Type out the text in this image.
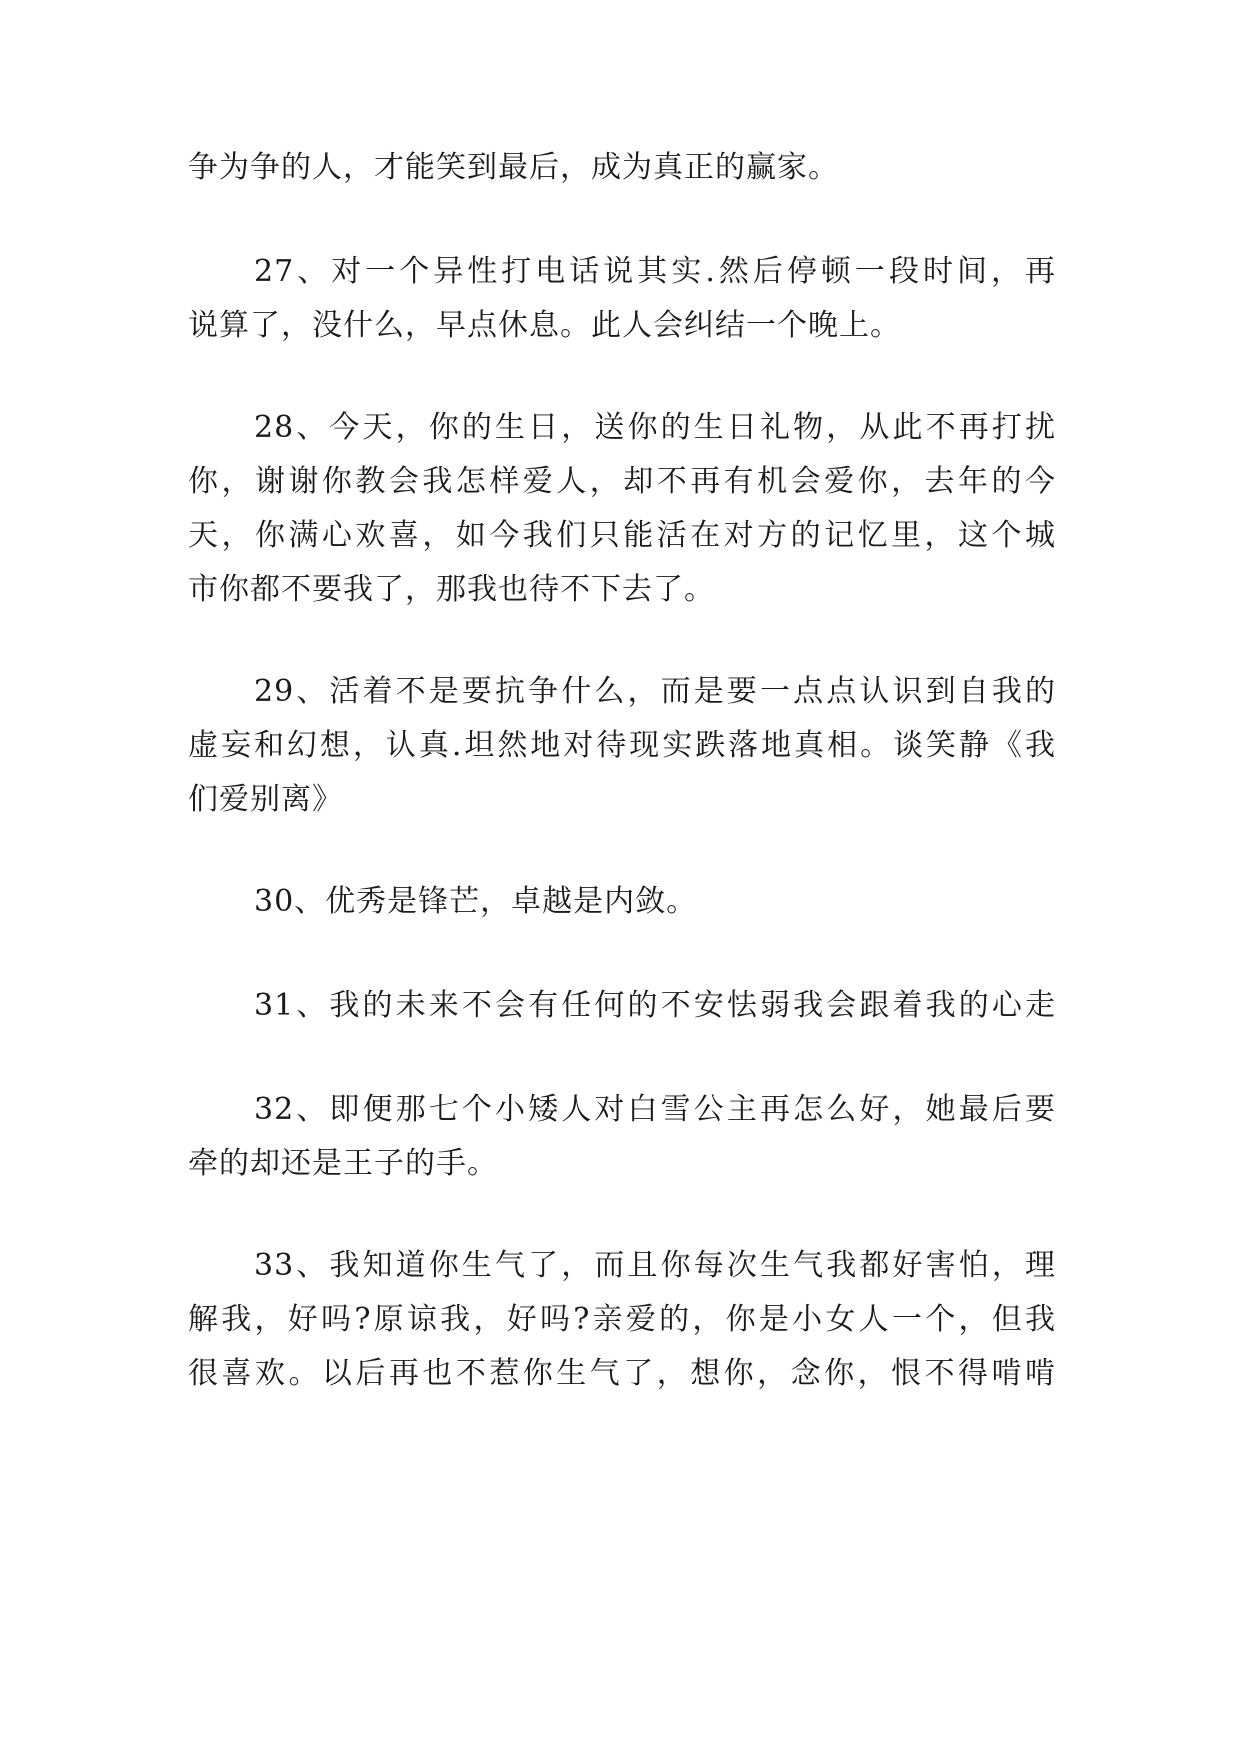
争为争的人，才能笑到最后，成为真正的赢家。
27、对一个异性打电话说其实.然后停顿一段时间，再
说算了，没什么，早点休息。此人会纠结一个晚上。
28、今天，你的生日，送你的生日礼物，从此不再打扰
你，谢谢你教会我怎样爱人，却不再有机会爱你，去年的今
天，你满心欢喜，如今我们只能活在对方的记忆里，这个城
市你都不要我了，那我也待不下去了。
29、活着不是要抗争什么，而是要一点点认识到自我的
虚妄和幻想，认真.坦然地对待现实跌落地真相。谈笑静《我
们爱别离》
30、优秀是锋芒，卓越是内敛。
31、我的未来不会有任何的不安怯弱我会跟着我的心走
32、即便那七个小矮人对白雪公主再怎么好，她最后要
牵的却还是王子的手。
33、我知道你生气了，而且你每次生气我都好害怕，理
解我，好吗?原谅我，好吗?亲爱的，你是小女人一个，但我
很喜欢。以后再也不惹你生气了，想你，念你，恨不得啃啃
